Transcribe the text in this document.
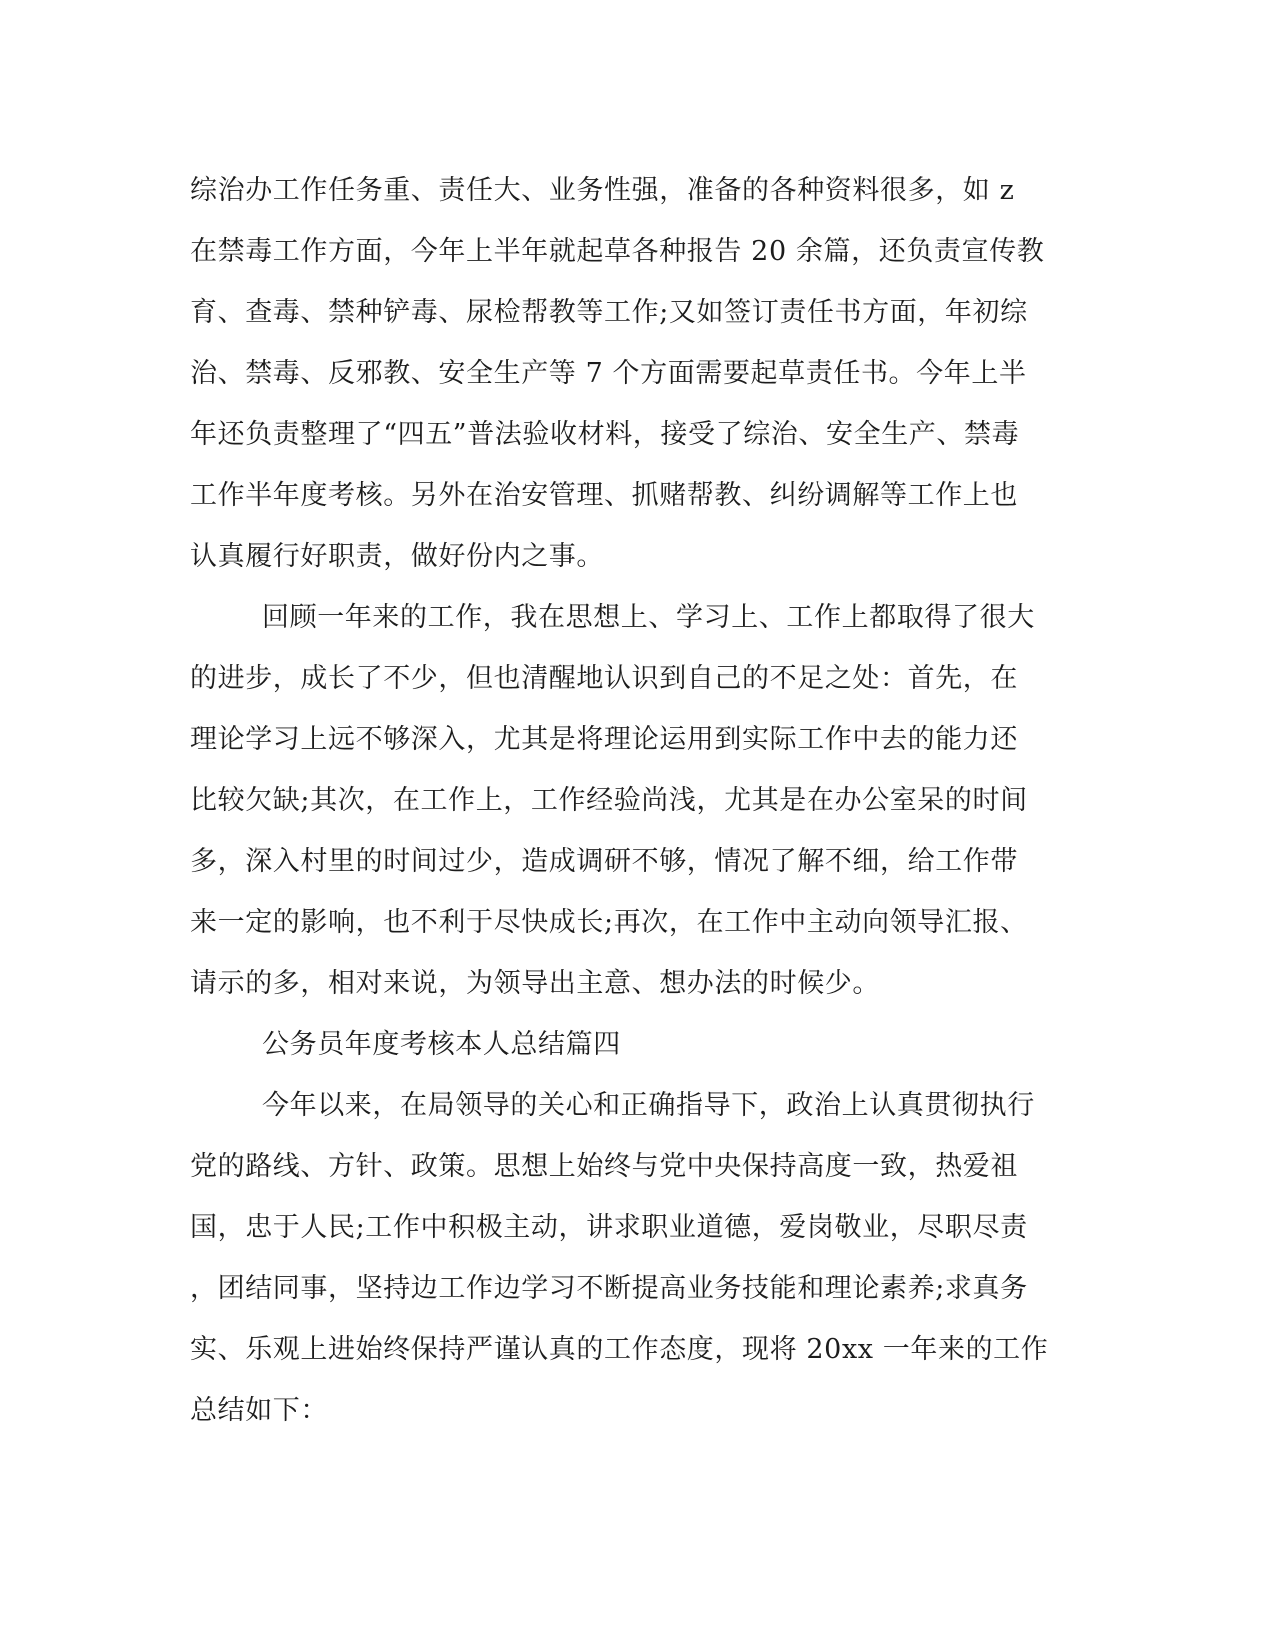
综治办工作任务重、责任大、业务性强，准备的各种资料很多，如 z
在禁毒工作方面，今年上半年就起草各种报告 20 余篇，还负责宣传教
育、查毒、禁种铲毒、尿检帮教等工作;又如签订责任书方面，年初综
治、禁毒、反邪教、安全生产等 7 个方面需要起草责任书。今年上半
年还负责整理了“四五”普法验收材料，接受了综治、安全生产、禁毒
工作半年度考核。另外在治安管理、抓赌帮教、纠纷调解等工作上也
认真履行好职责，做好份内之事。
回顾一年来的工作，我在思想上、学习上、工作上都取得了很大
的进步，成长了不少，但也清醒地认识到自己的不足之处：首先，在
理论学习上远不够深入，尤其是将理论运用到实际工作中去的能力还
比较欠缺;其次，在工作上，工作经验尚浅，尤其是在办公室呆的时间
多，深入村里的时间过少，造成调研不够，情况了解不细，给工作带
来一定的影响，也不利于尽快成长;再次，在工作中主动向领导汇报、
请示的多，相对来说，为领导出主意、想办法的时候少。
公务员年度考核本人总结篇四
今年以来，在局领导的关心和正确指导下，政治上认真贯彻执行
党的路线、方针、政策。思想上始终与党中央保持高度一致，热爱祖
国，忠于人民;工作中积极主动，讲求职业道德，爱岗敬业，尽职尽责
，团结同事，坚持边工作边学习不断提高业务技能和理论素养;求真务
实、乐观上进始终保持严谨认真的工作态度，现将 20xx 一年来的工作
总结如下：
